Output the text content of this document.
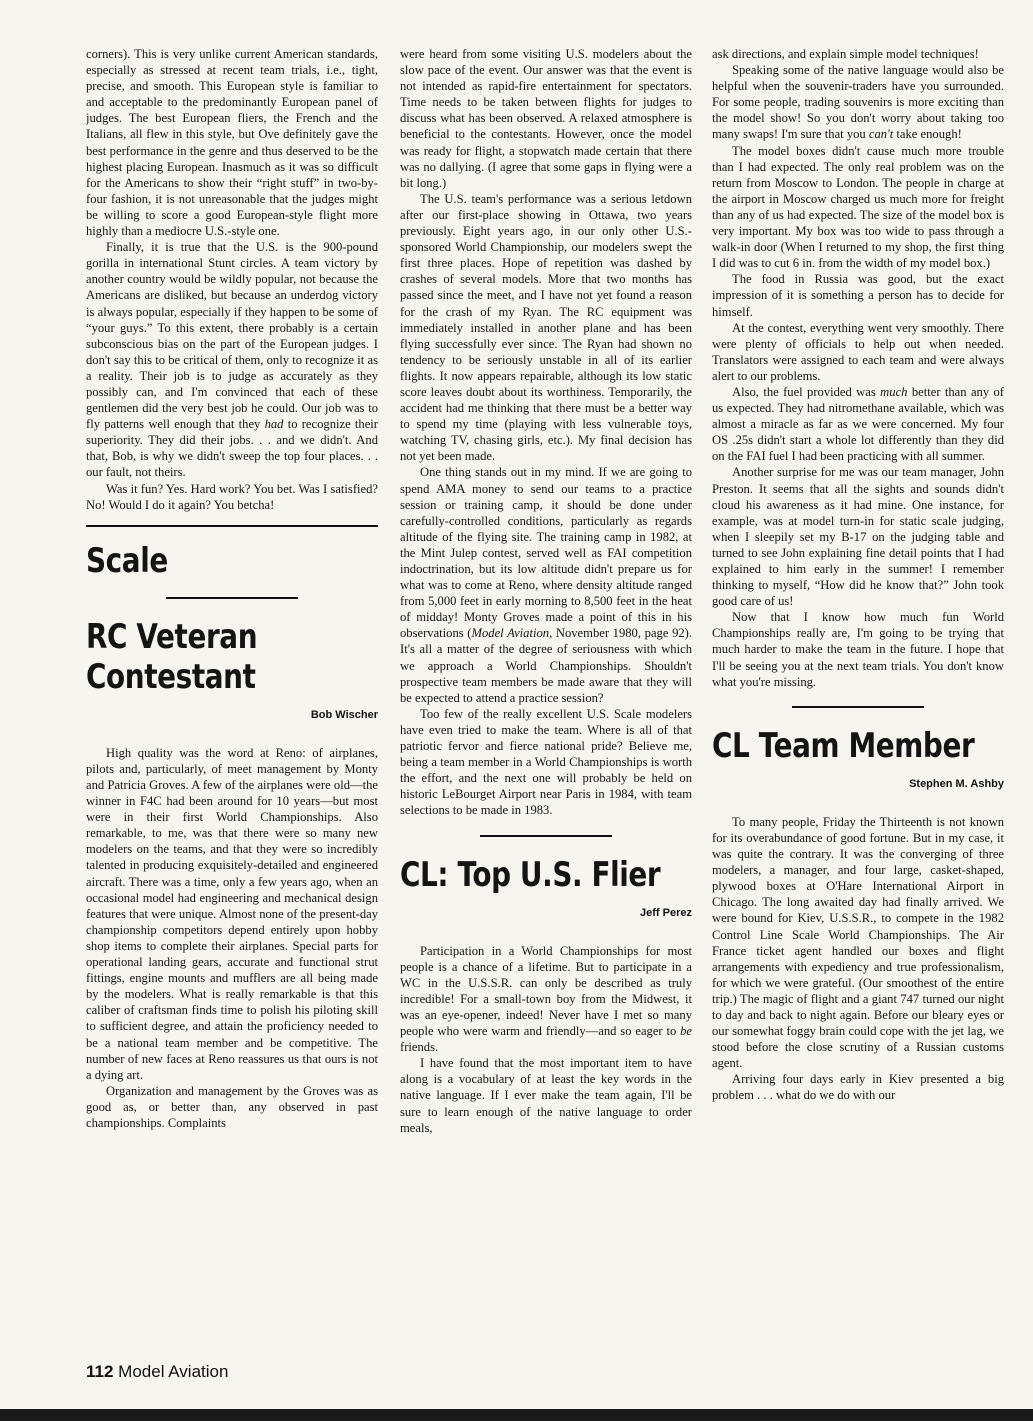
corners). This is very unlike current American standards, especially as stressed at recent team trials, i.e., tight, precise, and smooth. This European style is familiar to and acceptable to the predominantly European panel of judges. The best European fliers, the French and the Italians, all flew in this style, but Ove definitely gave the best performance in the genre and thus deserved to be the highest placing European. Inasmuch as it was so difficult for the Americans to show their “right stuff” in two-by-four fashion, it is not unreasonable that the judges might be willing to score a good European-style flight more highly than a mediocre U.S.-style one.

Finally, it is true that the U.S. is the 900-pound gorilla in international Stunt circles. A team victory by another country would be wildly popular, not because the Americans are disliked, but because an underdog victory is always popular, especially if they happen to be some of “your guys.” To this extent, there probably is a certain subconscious bias on the part of the European judges. I don't say this to be critical of them, only to recognize it as a reality. Their job is to judge as accurately as they possibly can, and I'm convinced that each of these gentlemen did the very best job he could. Our job was to fly patterns well enough that they had to recognize their superiority. They did their jobs. . . and we didn't. And that, Bob, is why we didn't sweep the top four places. . . our fault, not theirs.

Was it fun? Yes. Hard work? You bet. Was I satisfied? No! Would I do it again? You betcha!

Scale
RC Veteran
Contestant
Bob Wischer

High quality was the word at Reno: of airplanes, pilots and, particularly, of meet management by Monty and Patricia Groves. A few of the airplanes were old—the winner in F4C had been around for 10 years—but most were in their first World Championships. Also remarkable, to me, was that there were so many new modelers on the teams, and that they were so incredibly talented in producing exquisitely-detailed and engineered aircraft. There was a time, only a few years ago, when an occasional model had engineering and mechanical design features that were unique. Almost none of the present-day championship competitors depend entirely upon hobby shop items to complete their airplanes. Special parts for operational landing gears, accurate and functional strut fittings, engine mounts and mufflers are all being made by the modelers. What is really remarkable is that this caliber of craftsman finds time to polish his piloting skill to sufficient degree, and attain the proficiency needed to be a national team member and be competitive. The number of new faces at Reno reassures us that ours is not a dying art.

Organization and management by the Groves was as good as, or better than, any observed in past championships. Complaints

were heard from some visiting U.S. modelers about the slow pace of the event. Our answer was that the event is not intended as rapid-fire entertainment for spectators. Time needs to be taken between flights for judges to discuss what has been observed. A relaxed atmosphere is beneficial to the contestants. However, once the model was ready for flight, a stopwatch made certain that there was no dallying. (I agree that some gaps in flying were a bit long.)

The U.S. team's performance was a serious letdown after our first-place showing in Ottawa, two years previously. Eight years ago, in our only other U.S.-sponsored World Championship, our modelers swept the first three places. Hope of repetition was dashed by crashes of several models. More that two months has passed since the meet, and I have not yet found a reason for the crash of my Ryan. The RC equipment was immediately installed in another plane and has been flying successfully ever since. The Ryan had shown no tendency to be seriously unstable in all of its earlier flights. It now appears repairable, although its low static score leaves doubt about its worthiness. Temporarily, the accident had me thinking that there must be a better way to spend my time (playing with less vulnerable toys, watching TV, chasing girls, etc.). My final decision has not yet been made.

One thing stands out in my mind. If we are going to spend AMA money to send our teams to a practice session or training camp, it should be done under carefully-controlled conditions, particularly as regards altitude of the flying site. The training camp in 1982, at the Mint Julep contest, served well as FAI competition indoctrination, but its low altitude didn't prepare us for what was to come at Reno, where density altitude ranged from 5,000 feet in early morning to 8,500 feet in the heat of midday! Monty Groves made a point of this in his observations (Model Aviation, November 1980, page 92). It's all a matter of the degree of seriousness with which we approach a World Championships. Shouldn't prospective team members be made aware that they will be expected to attend a practice session?

Too few of the really excellent U.S. Scale modelers have even tried to make the team. Where is all of that patriotic fervor and fierce national pride? Believe me, being a team member in a World Championships is worth the effort, and the next one will probably be held on historic LeBourget Airport near Paris in 1984, with team selections to be made in 1983.

CL: Top U.S. Flier
Jeff Perez

Participation in a World Championships for most people is a chance of a lifetime. But to participate in a WC in the U.S.S.R. can only be described as truly incredible! For a small-town boy from the Midwest, it was an eye-opener, indeed! Never have I met so many people who were warm and friendly—and so eager to be friends.

I have found that the most important item to have along is a vocabulary of at least the key words in the native language. If I ever make the team again, I'll be sure to learn enough of the native language to order meals,

ask directions, and explain simple model techniques!

Speaking some of the native language would also be helpful when the souvenir-traders have you surrounded. For some people, trading souvenirs is more exciting than the model show! So you don't worry about taking too many swaps! I'm sure that you can't take enough!

The model boxes didn't cause much more trouble than I had expected. The only real problem was on the return from Moscow to London. The people in charge at the airport in Moscow charged us much more for freight than any of us had expected. The size of the model box is very important. My box was too wide to pass through a walk-in door (When I returned to my shop, the first thing I did was to cut 6 in. from the width of my model box.)

The food in Russia was good, but the exact impression of it is something a person has to decide for himself.

At the contest, everything went very smoothly. There were plenty of officials to help out when needed. Translators were assigned to each team and were always alert to our problems.

Also, the fuel provided was much better than any of us expected. They had nitromethane available, which was almost a miracle as far as we were concerned. My four OS .25s didn't start a whole lot differently than they did on the FAI fuel I had been practicing with all summer.

Another surprise for me was our team manager, John Preston. It seems that all the sights and sounds didn't cloud his awareness as it had mine. One instance, for example, was at model turn-in for static scale judging, when I sleepily set my B-17 on the judging table and turned to see John explaining fine detail points that I had explained to him early in the summer! I remember thinking to myself, “How did he know that?” John took good care of us!

Now that I know how much fun World Championships really are, I'm going to be trying that much harder to make the team in the future. I hope that I'll be seeing you at the next team trials. You don't know what you're missing.

CL Team Member
Stephen M. Ashby

To many people, Friday the Thirteenth is not known for its overabundance of good fortune. But in my case, it was quite the contrary. It was the converging of three modelers, a manager, and four large, casket-shaped, plywood boxes at O'Hare International Airport in Chicago. The long awaited day had finally arrived. We were bound for Kiev, U.S.S.R., to compete in the 1982 Control Line Scale World Championships. The Air France ticket agent handled our boxes and flight arrangements with expediency and true professionalism, for which we were grateful. (Our smoothest of the entire trip.) The magic of flight and a giant 747 turned our night to day and back to night again. Before our bleary eyes or our somewhat foggy brain could cope with the jet lag, we stood before the close scrutiny of a Russian customs agent.

Arriving four days early in Kiev presented a big problem . . . what do we do with our

112 Model Aviation
